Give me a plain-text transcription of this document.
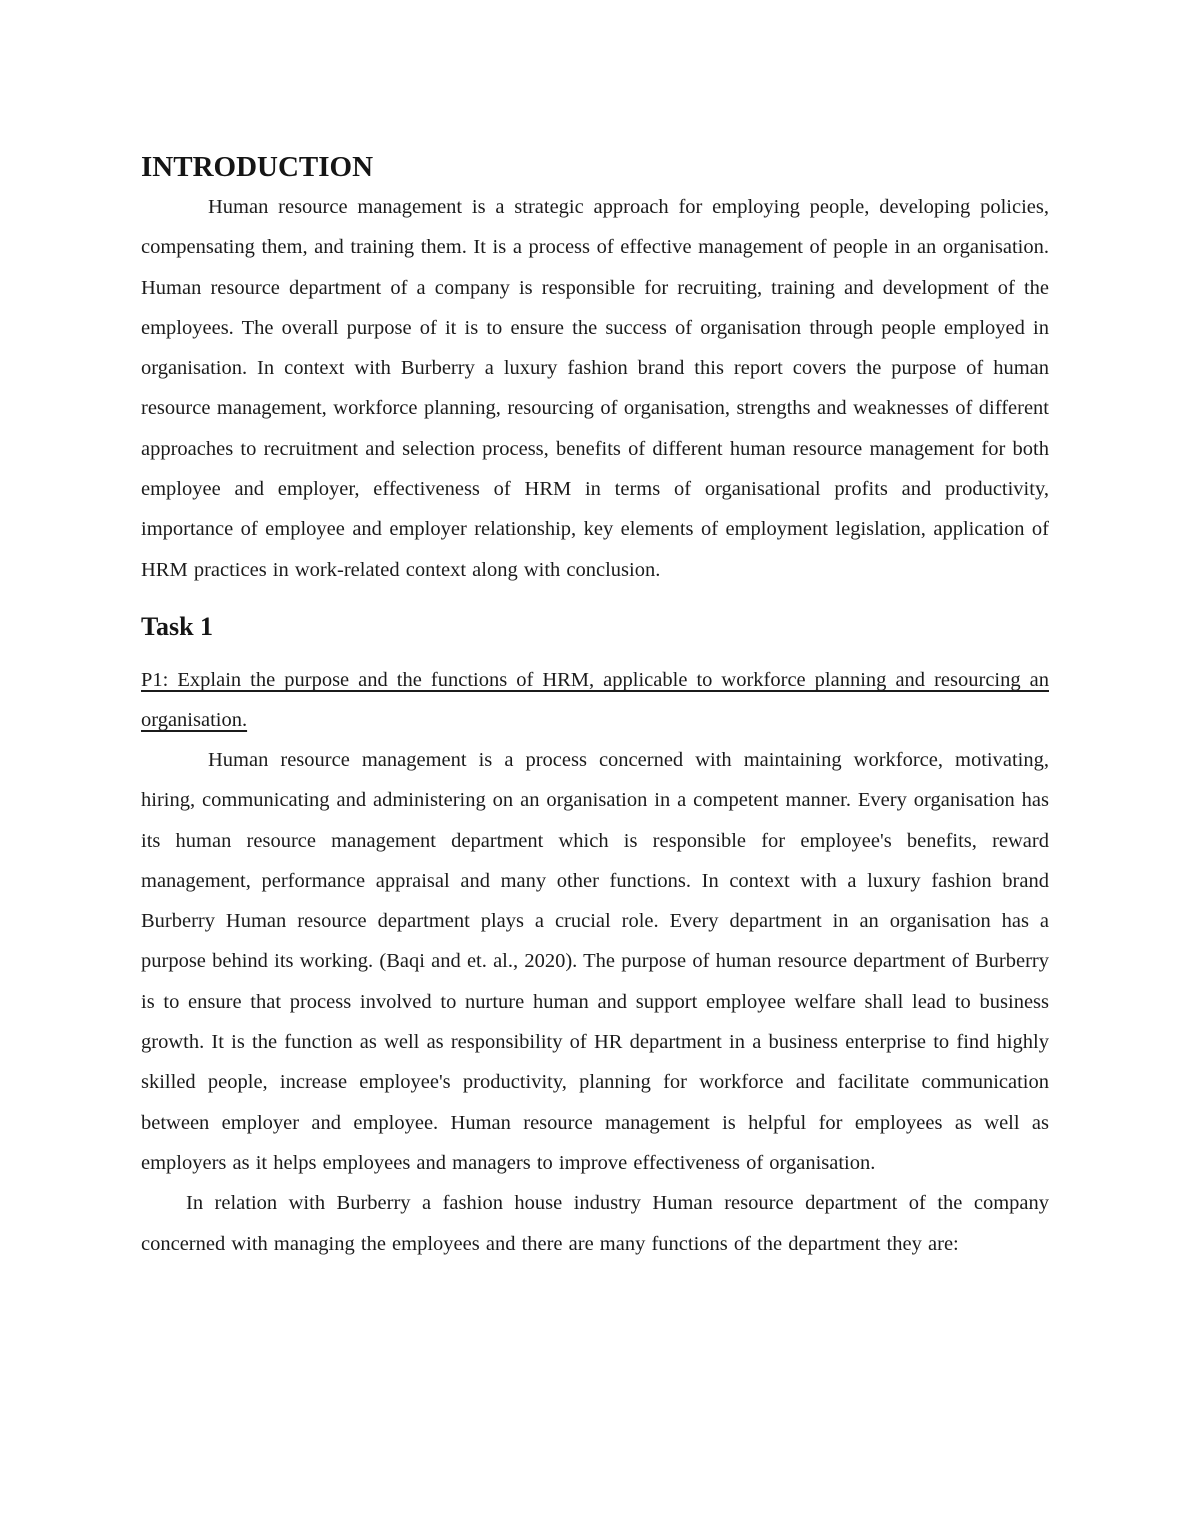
INTRODUCTION

Human resource management is a strategic approach for employing people, developing policies, compensating them, and training them. It is a process of effective management of people in an organisation. Human resource department of a company is responsible for recruiting, training and development of the employees. The overall purpose of it is to ensure the success of organisation through people employed in organisation. In context with Burberry a luxury fashion brand this report covers the purpose of human resource management, workforce planning, resourcing of organisation, strengths and weaknesses of different approaches to recruitment and selection process, benefits of different human resource management for both employee and employer, effectiveness of HRM in terms of organisational profits and productivity, importance of employee and employer relationship, key elements of employment legislation, application of HRM practices in work-related context along with conclusion.

Task 1

P1: Explain the purpose and the functions of HRM, applicable to workforce planning and resourcing an organisation.

Human resource management is a process concerned with maintaining workforce, motivating, hiring, communicating and administering on an organisation in a competent manner. Every organisation has its human resource management department which is responsible for employee's benefits, reward management, performance appraisal and many other functions. In context with a luxury fashion brand Burberry Human resource department plays a crucial role. Every department in an organisation has a purpose behind its working. (Baqi and et. al., 2020). The purpose of human resource department of Burberry is to ensure that process involved to nurture human and support employee welfare shall lead to business growth. It is the function as well as responsibility of HR department in a business enterprise to find highly skilled people, increase employee's productivity, planning for workforce and facilitate communication between employer and employee. Human resource management is helpful for employees as well as employers as it helps employees and managers to improve effectiveness of organisation.

In relation with Burberry a fashion house industry Human resource department of the company concerned with managing the employees and there are many functions of the department they are:
